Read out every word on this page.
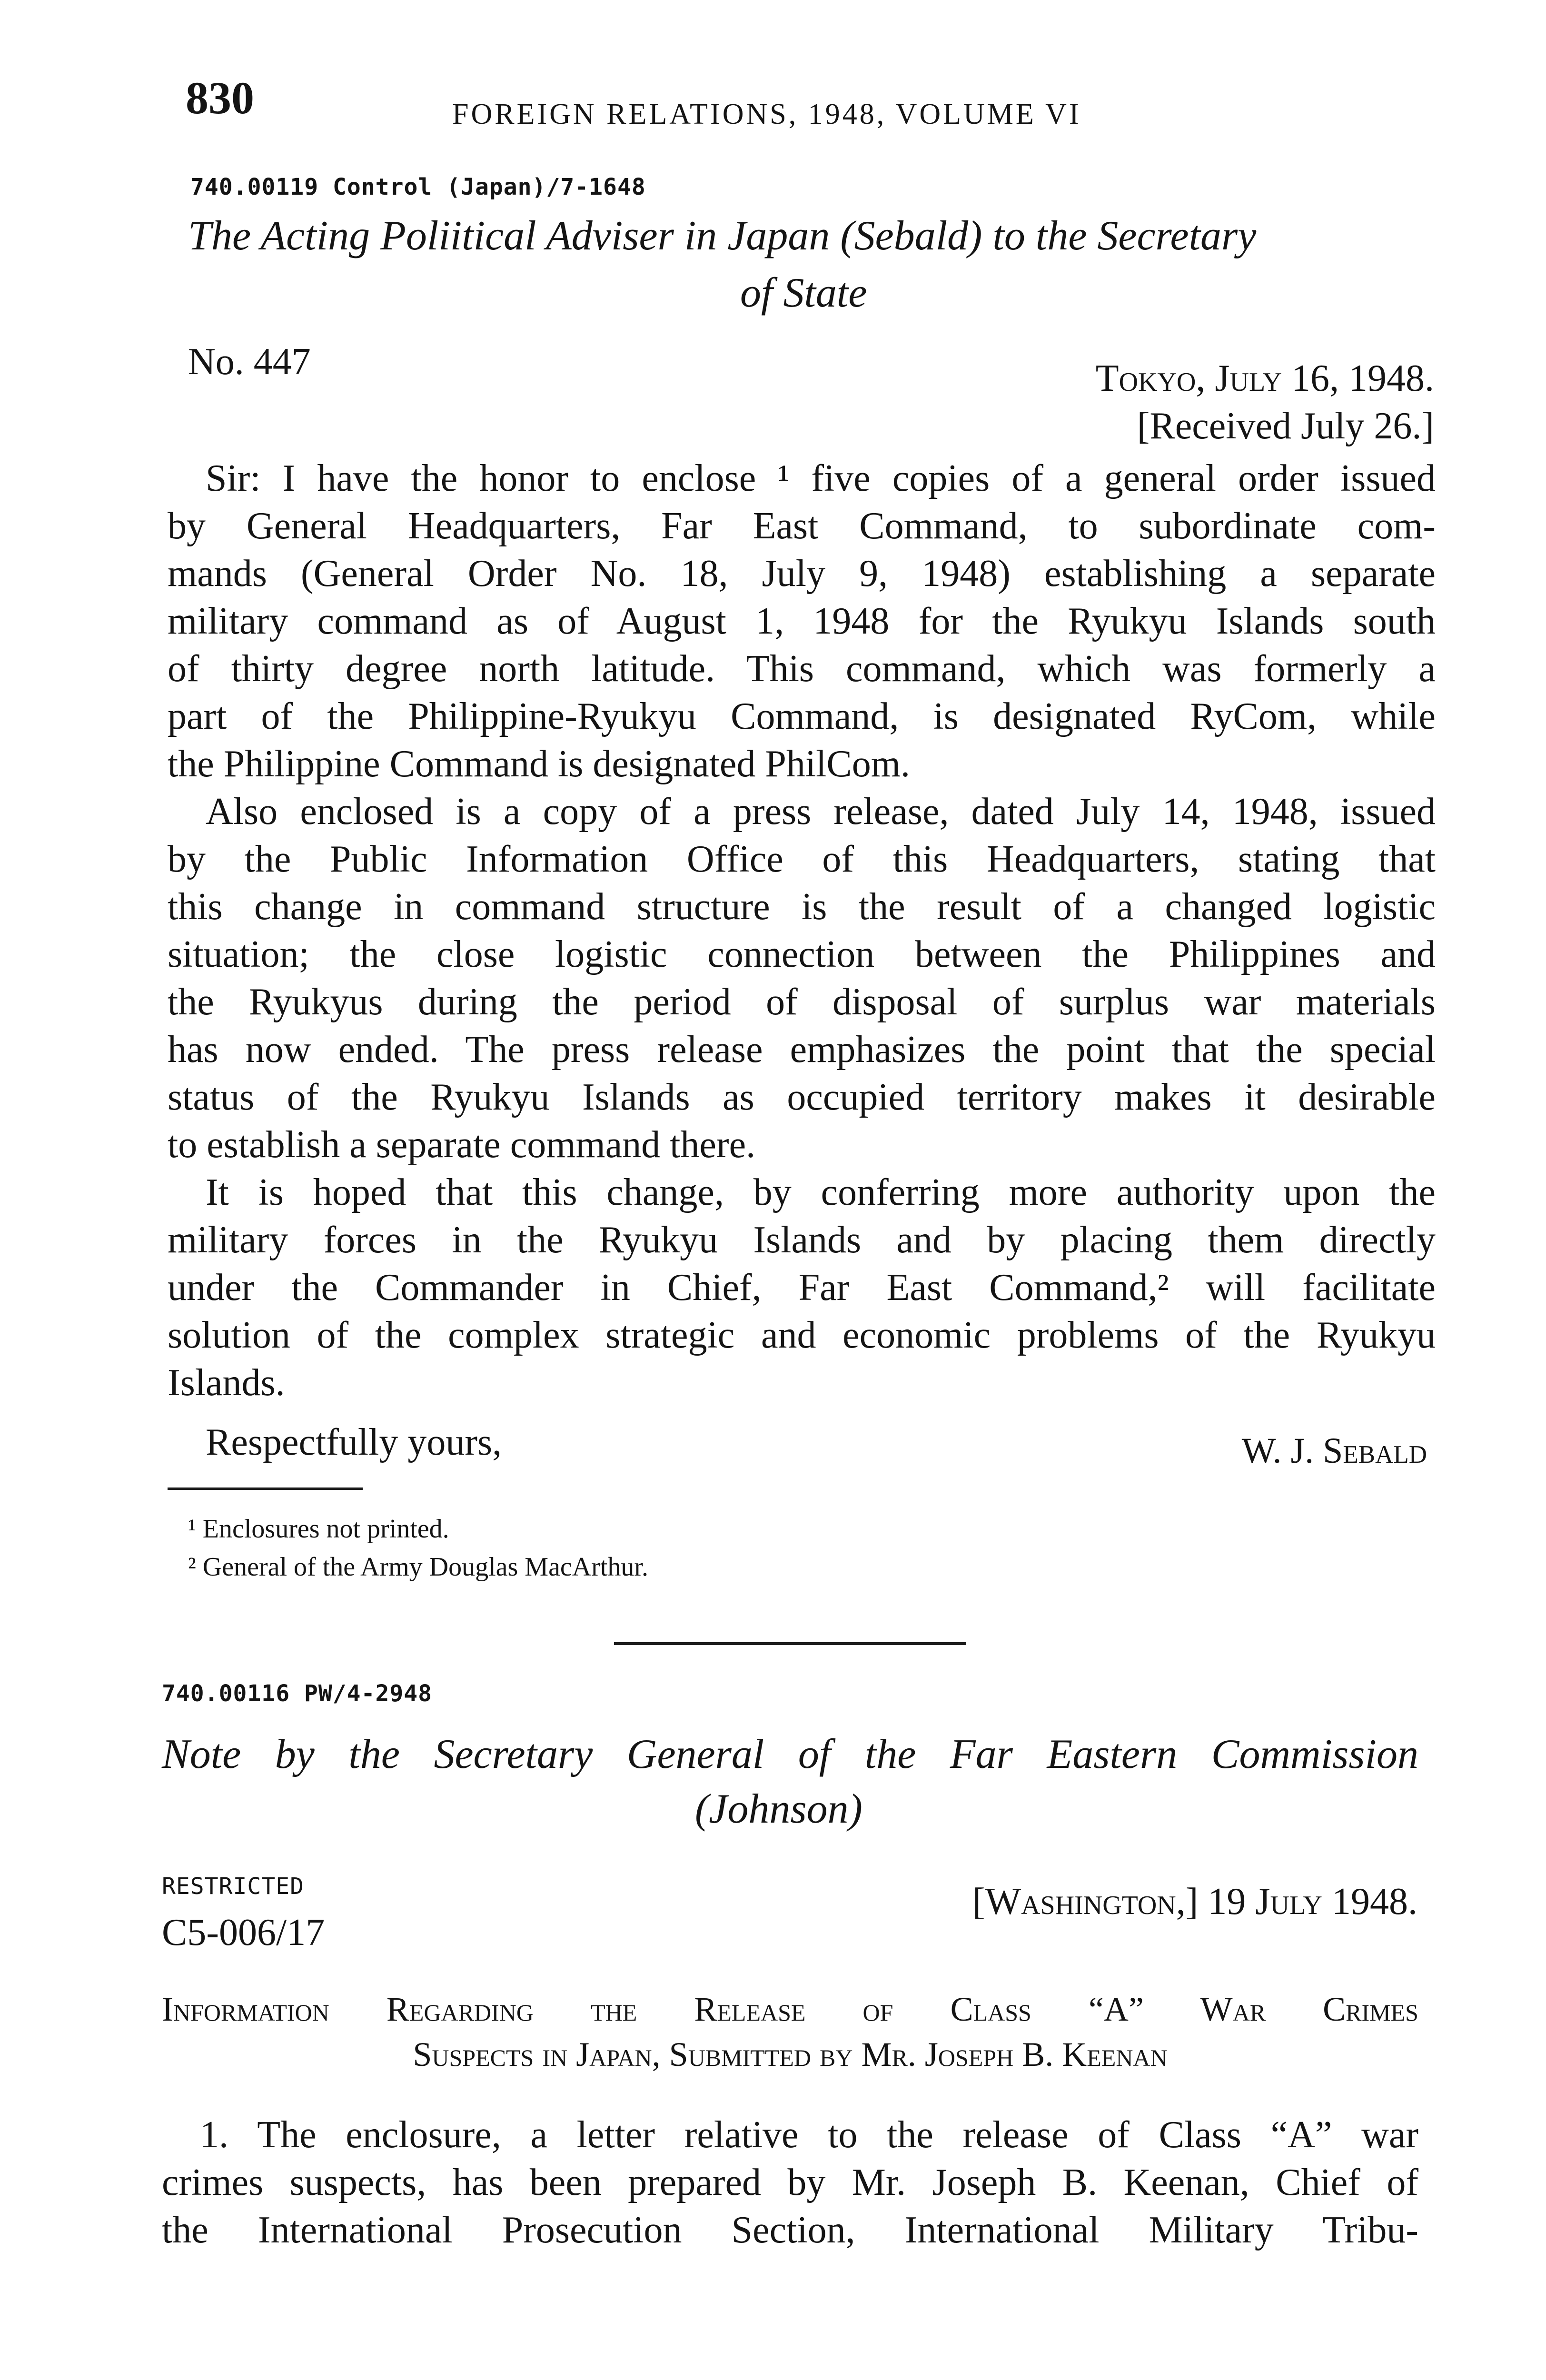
830	FOREIGN RELATIONS, 1948, VOLUME VI
740.00119 Control (Japan)/7-1648
The Acting Poliitical Adviser in Japan (Sebald) to the Secretary
of State
No. 447	Tokyo, July 16, 1948.
[Received July 26.]
Sir: I have the honor to enclose ¹ five copies of a general order issued
by General Headquarters, Far East Command, to subordinate com-
mands (General Order No. 18, July 9, 1948) establishing a separate
military command as of August 1, 1948 for the Ryukyu Islands south
of thirty degree north latitude. This command, which was formerly a
part of the Philippine-Ryukyu Command, is designated RyCom, while
the Philippine Command is designated PhilCom.
Also enclosed is a copy of a press release, dated July 14, 1948, issued
by the Public Information Office of this Headquarters, stating that
this change in command structure is the result of a changed logistic
situation; the close logistic connection between the Philippines and
the Ryukyus during the period of disposal of surplus war materials
has now ended. The press release emphasizes the point that the special
status of the Ryukyu Islands as occupied territory makes it desirable
to establish a separate command there.
It is hoped that this change, by conferring more authority upon the
military forces in the Ryukyu Islands and by placing them directly
under the Commander in Chief, Far East Command,² will facilitate
solution of the complex strategic and economic problems of the Ryukyu
Islands.
Respectfully yours,	W. J. Sebald
¹ Enclosures not printed.
² General of the Army Douglas MacArthur.
740.00116 PW/4-2948
Note by the Secretary General of the Far Eastern Commission
(Johnson)
RESTRICTED
C5-006/17
[Washington,] 19 July 1948.
Information Regarding the Release of Class “A” War Crimes
Suspects in Japan, Submitted by Mr. Joseph B. Keenan
1. The enclosure, a letter relative to the release of Class “A” war
crimes suspects, has been prepared by Mr. Joseph B. Keenan, Chief of
the International Prosecution Section, International Military Tribu-
